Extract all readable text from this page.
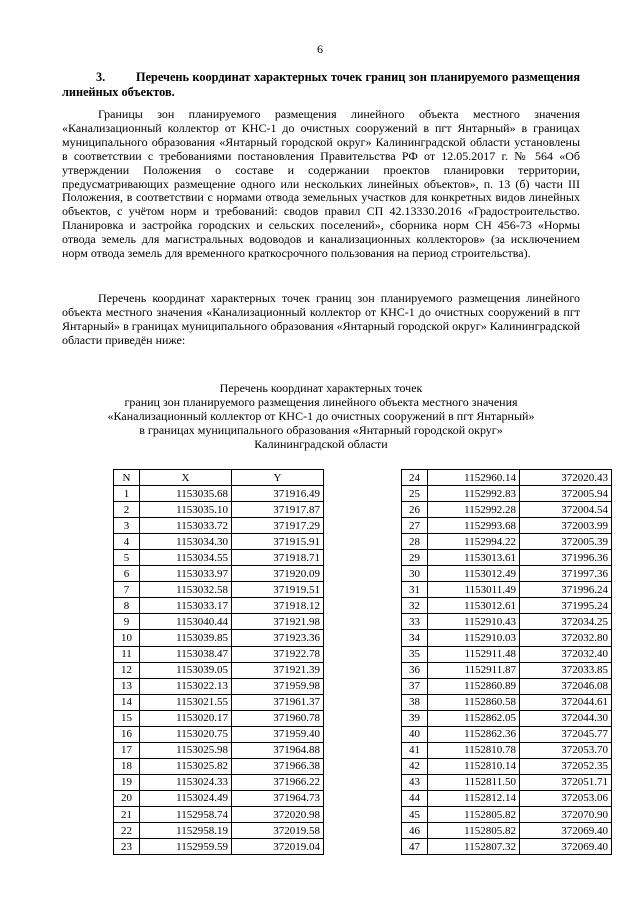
6
3.	Перечень координат характерных точек границ зон планируемого размещения линейных объектов.

Границы зон планируемого размещения линейного объекта местного значения «Канализационный коллектор от КНС-1 до очистных сооружений в пгт Янтарный» в границах муниципального образования «Янтарный городской округ» Калининградской области установлены в соответствии с требованиями постановления Правительства РФ от 12.05.2017 г. № 564 «Об утверждении Положения о составе и содержании проектов планировки территории, предусматривающих размещение одного или нескольких линейных объектов», п. 13 (б) части III Положения, в соответствии с нормами отвода земельных участков для конкретных видов линейных объектов, с учётом норм и требований: сводов правил СП 42.13330.2016 «Градостроительство. Планировка и застройка городских и сельских поселений», сборника норм СН 456-73 «Нормы отвода земель для магистральных водоводов и канализационных коллекторов» (за исключением норм отвода земель для временного краткосрочного пользования на период строительства).

Перечень координат характерных точек границ зон планируемого размещения линейного объекта местного значения «Канализационный коллектор от КНС-1 до очистных сооружений в пгт Янтарный» в границах муниципального образования «Янтарный городской округ» Калининградской области приведён ниже:

Перечень координат характерных точек
границ зон планируемого размещения линейного объекта местного значения
«Канализационный коллектор от КНС-1 до очистных сооружений в пгт Янтарный»
в границах муниципального образования «Янтарный городской округ»
Калининградской области
N	X	Y
1	1153035.68	371916.49
2	1153035.10	371917.87
3	1153033.72	371917.29
4	1153034.30	371915.91
5	1153034.55	371918.71
6	1153033.97	371920.09
7	1153032.58	371919.51
8	1153033.17	371918.12
9	1153040.44	371921.98
10	1153039.85	371923.36
11	1153038.47	371922.78
12	1153039.05	371921.39
13	1153022.13	371959.98
14	1153021.55	371961.37
15	1153020.17	371960.78
16	1153020.75	371959.40
17	1153025.98	371964.88
18	1153025.82	371966.38
19	1153024.33	371966.22
20	1153024.49	371964.73
21	1152958.74	372020.98
22	1152958.19	372019.58
23	1152959.59	372019.04
24	1152960.14	372020.43
25	1152992.83	372005.94
26	1152992.28	372004.54
27	1152993.68	372003.99
28	1152994.22	372005.39
29	1153013.61	371996.36
30	1153012.49	371997.36
31	1153011.49	371996.24
32	1153012.61	371995.24
33	1152910.43	372034.25
34	1152910.03	372032.80
35	1152911.48	372032.40
36	1152911.87	372033.85
37	1152860.89	372046.08
38	1152860.58	372044.61
39	1152862.05	372044.30
40	1152862.36	372045.77
41	1152810.78	372053.70
42	1152810.14	372052.35
43	1152811.50	372051.71
44	1152812.14	372053.06
45	1152805.82	372070.90
46	1152805.82	372069.40
47	1152807.32	372069.40
